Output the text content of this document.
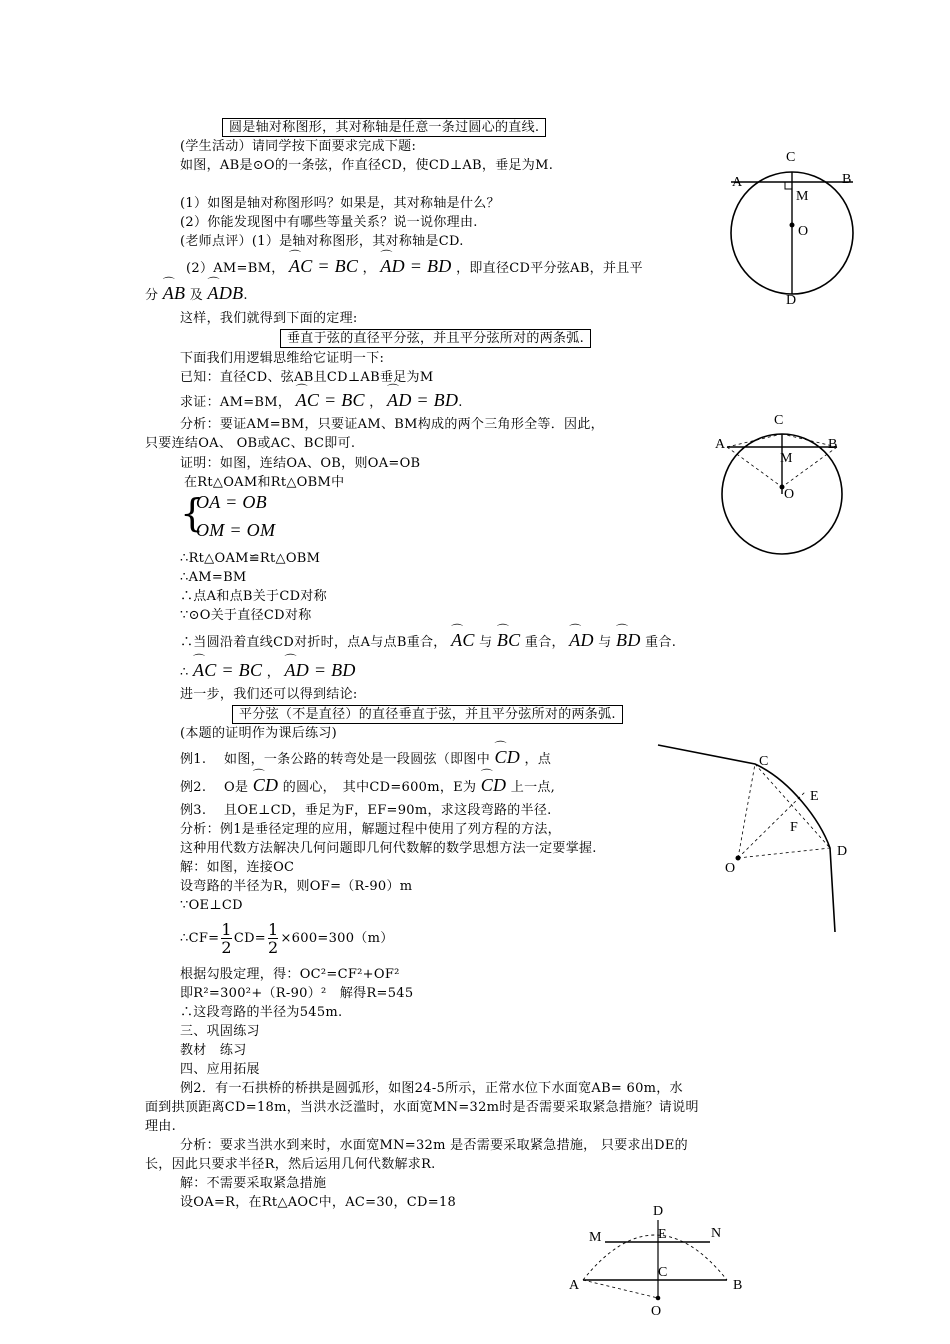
圆是轴对称图形，其对称轴是任意一条过圆心的直线.
(学生活动）请同学按下面要求完成下题:
如图，AB是⊙O的一条弦，作直径CD，使CD⊥AB，垂足为M.
(1）如图是轴对称图形吗？如果是，其对称轴是什么？
(2）你能发现图中有哪些等量关系？说一说你理由.
(老师点评）(1）是轴对称图形，其对称轴是CD.
(2）AM=BM， ⌒ AC = BC ， ⌒ AD = BD ，即直径CD平分弦AB，并且平
分 ⌒ AB 及 ⌒ ADB.
这样，我们就得到下面的定理:
垂直于弦的直径平分弦，并且平分弦所对的两条弧.
下面我们用逻辑思维给它证明一下:
已知：直径CD、弦AB且CD⊥AB垂足为M
求证：AM=BM， ⌒ AC = BC ， ⌒ AD = BD.
分析：要证AM=BM，只要证AM、BM构成的两个三角形全等．因此，
只要连结OA、 OB或AC、BC即可.
证明：如图，连结OA、OB，则OA=OB
在Rt△OAM和Rt△OBM中
{
OA = OB
OM = OM
∴Rt△OAM≌Rt△OBM
∴AM=BM
∴点A和点B关于CD对称
∵⊙O关于直径CD对称
∴当圆沿着直线CD对折时，点A与点B重合， ⌒ AC 与 ⌒ BC 重合， ⌒ AD 与 ⌒ BD 重合.
∴ ⌒ AC = BC ， ⌒ AD = BD
进一步，我们还可以得到结论:
平分弦（不是直径）的直径垂直于弦，并且平分弦所对的两条弧.
(本题的证明作为课后练习)
例1.　 如图，一条公路的转弯处是一段圆弦（即图中 ⌒ CD ，点
例2.　 O是 ⌒ CD 的圆心，　其中CD=600m，E为 ⌒ CD 上一点,
例3.　 且OE⊥CD，垂足为F，EF=90m，求这段弯路的半径.
分析：例1是垂径定理的应用，解题过程中使用了列方程的方法，
这种用代数方法解决几何问题即几何代数解的数学思想方法一定要掌握.
解：如图，连接OC
设弯路的半径为R，则OF=（R-90）m
∵OE⊥CD
∴CF= $\frac{1}{2} CD= \frac{1}{2} \times 600=300(m)$
根据勾股定理，得：OC²=CF²+OF²
即R²=300²+（R-90）²　解得R=545
∴这段弯路的半径为545m.
三、巩固练习
教材　练习
四、应用拓展
例2．有一石拱桥的桥拱是圆弧形，如图24-5所示，正常水位下水面宽AB= 60m，水
面到拱顶距离CD=18m，当洪水泛滥时，水面宽MN=32m时是否需要采取紧急措施？请说明
理由.
分析：要求当洪水到来时，水面宽MN=32m 是否需要采取紧急措施， 只要求出DE的
长，因此只要求半径R，然后运用几何代数解求R.
解：不需要采取紧急措施
设OA=R，在Rt△AOC中，AC=30，CD=18
C
A	B
M
O
D
C
A	B
M
O
C
E
F
D
O
D
M	E	N
C
A	B
O
